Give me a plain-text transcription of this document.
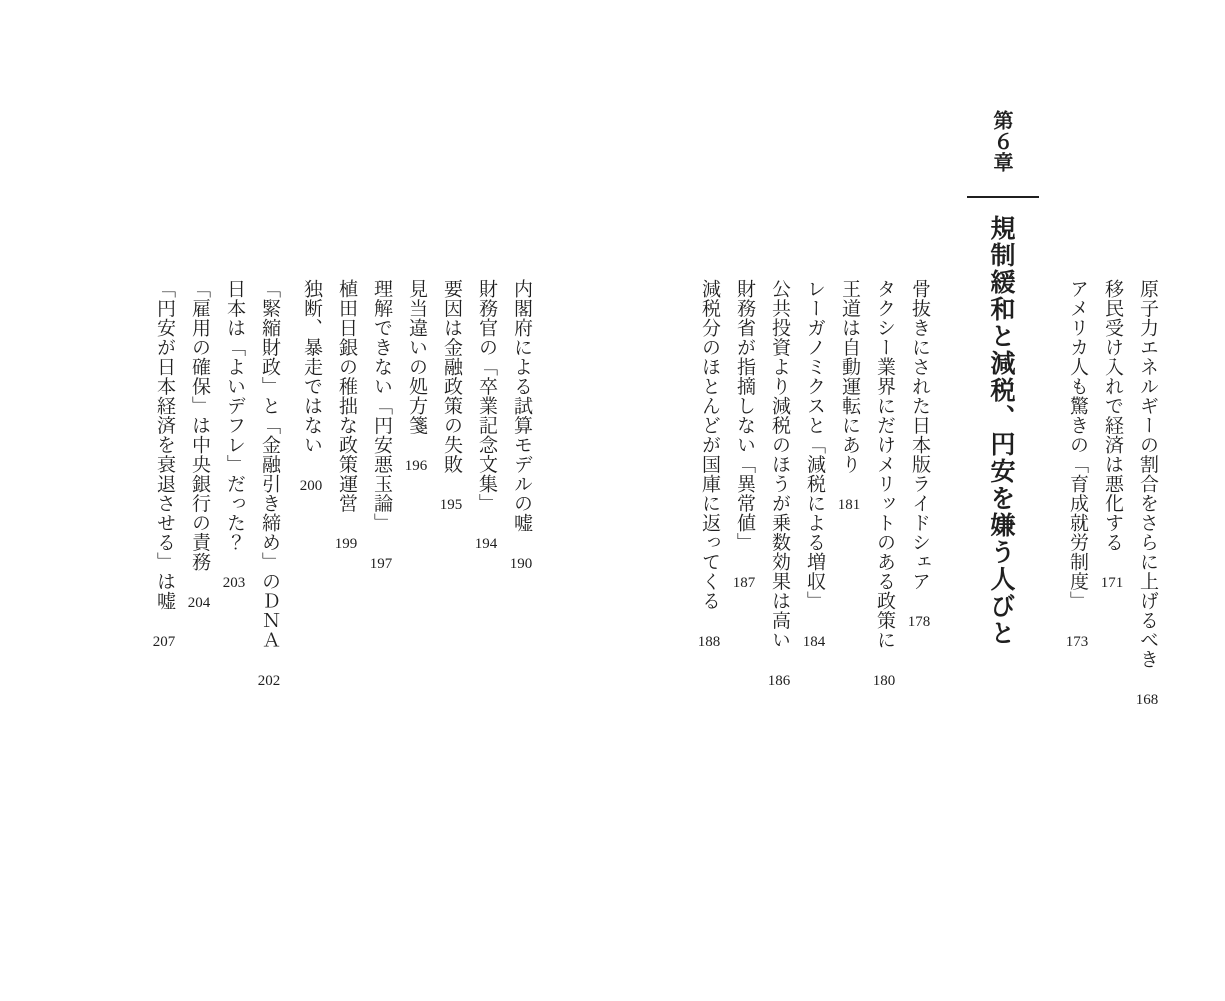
原子力エネルギーの割合をさらに上げるべき 168
移民受け入れで経済は悪化する 171
アメリカ人も驚きの「育成就労制度」 173
第６章
規制緩和と減税、円安を嫌う人びと
骨抜きにされた日本版ライドシェア 178
タクシー業界にだけメリットのある政策に 180
王道は自動運転にあり 181
レーガノミクスと「減税による増収」 184
公共投資より減税のほうが乗数効果は高い 186
財務省が指摘しない「異常値」 187
減税分のほとんどが国庫に返ってくる 188
内閣府による試算モデルの嘘 190
財務官の「卒業記念文集」 194
要因は金融政策の失敗 195
見当違いの処方箋 196
理解できない「円安悪玉論」 197
植田日銀の稚拙な政策運営 199
独断、暴走ではない 200
「緊縮財政」と「金融引き締め」のＤＮＡ 202
日本は「よいデフレ」だった？ 203
「雇用の確保」は中央銀行の責務 204
「円安が日本経済を衰退させる」は嘘 207
